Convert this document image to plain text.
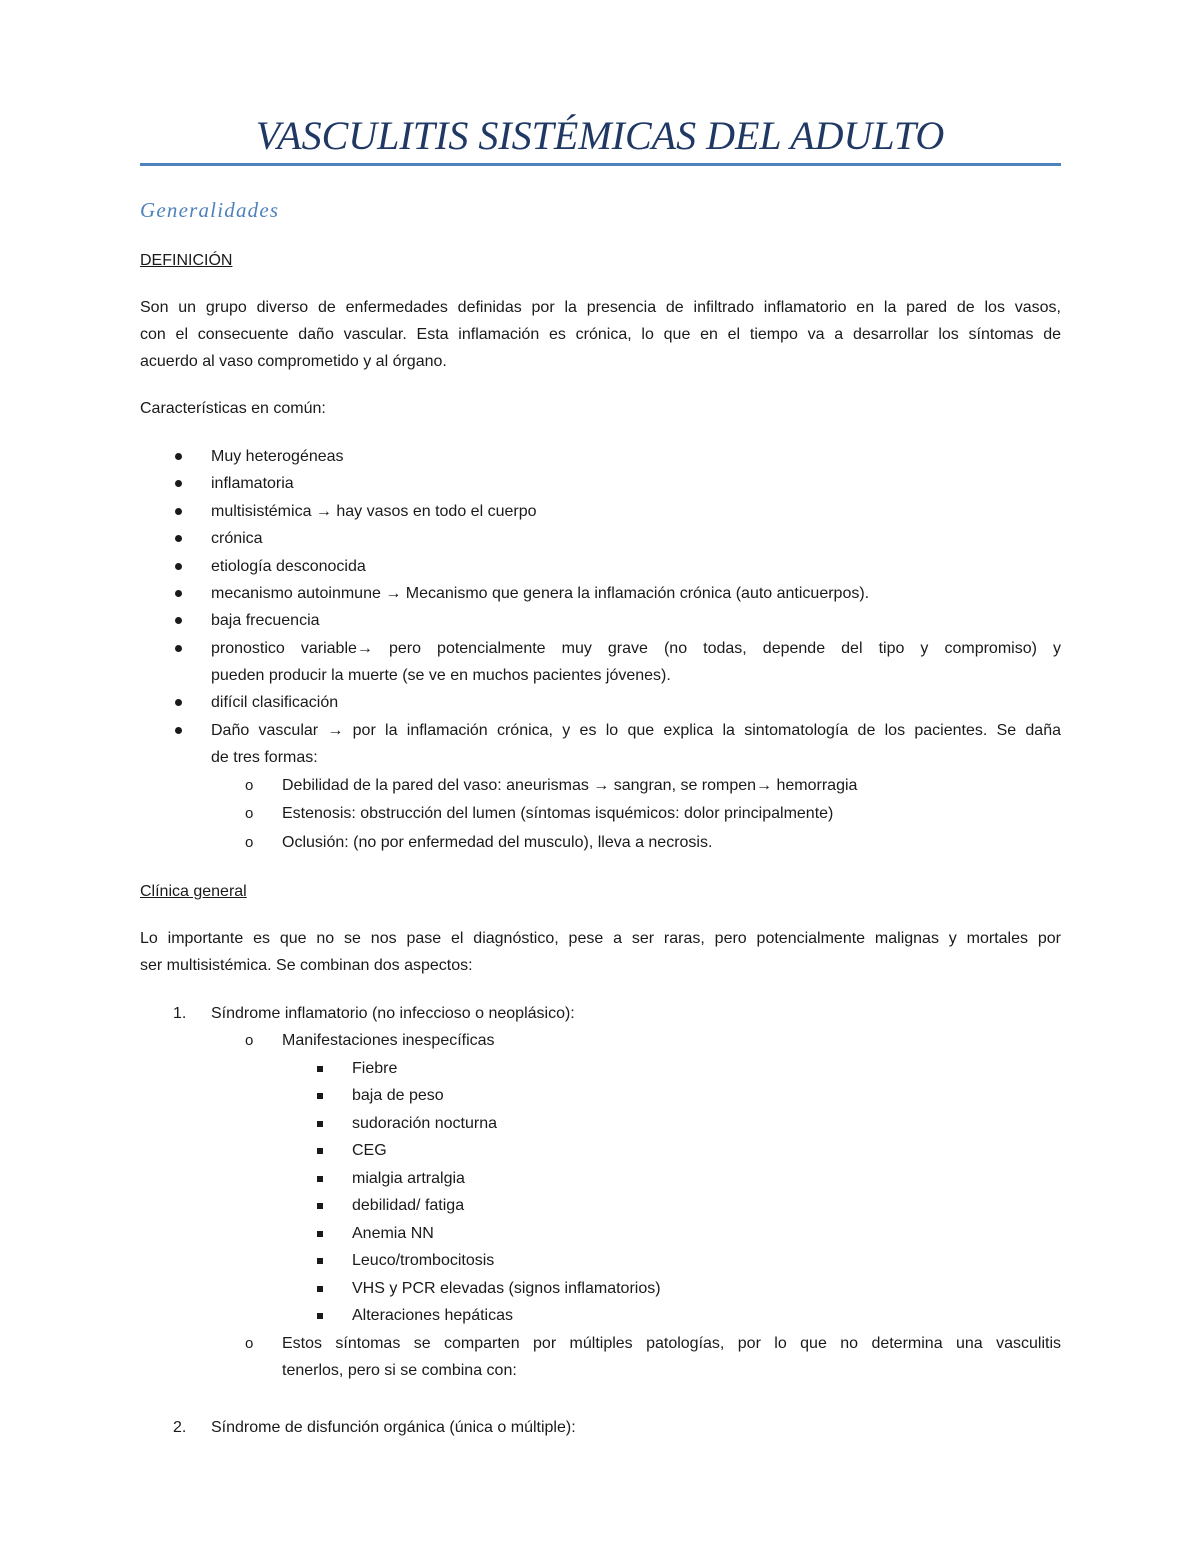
VASCULITIS SISTÉMICAS DEL ADULTO
Generalidades

DEFINICIÓN

Son un grupo diverso de enfermedades definidas por la presencia de infiltrado inflamatorio en la pared de los vasos,

con el consecuente daño vascular. Esta inflamación es crónica, lo que en el tiempo va a desarrollar los síntomas de

acuerdo al vaso comprometido y al órgano.

Características en común:

Muy heterogéneas

inflamatoria

multisistémica → hay vasos en todo el cuerpo

crónica

etiología desconocida

mecanismo autoinmune → Mecanismo que genera la inflamación crónica (auto anticuerpos).

baja frecuencia

pronostico variable→ pero potencialmente muy grave (no todas, depende del tipo y compromiso) y

pueden producir la muerte (se ve en muchos pacientes jóvenes).

difícil clasificación

Daño vascular → por la inflamación crónica, y es lo que explica la sintomatología de los pacientes. Se daña

de tres formas:

o Debilidad de la pared del vaso: aneurismas → sangran, se rompen→ hemorragia

o Estenosis: obstrucción del lumen (síntomas isquémicos: dolor principalmente)

o Oclusión: (no por enfermedad del musculo), lleva a necrosis.

Clínica general

Lo importante es que no se nos pase el diagnóstico, pese a ser raras, pero potencialmente malignas y mortales por

ser multisistémica. Se combinan dos aspectos:

1. Síndrome inflamatorio (no infeccioso o neoplásico):

o Manifestaciones inespecíficas

Fiebre

baja de peso

sudoración nocturna

CEG

mialgia artralgia

debilidad/ fatiga

Anemia NN

Leuco/trombocitosis

VHS y PCR elevadas (signos inflamatorios)

Alteraciones hepáticas

o Estos síntomas se comparten por múltiples patologías, por lo que no determina una vasculitis

tenerlos, pero si se combina con:

2. Síndrome de disfunción orgánica (única o múltiple):
